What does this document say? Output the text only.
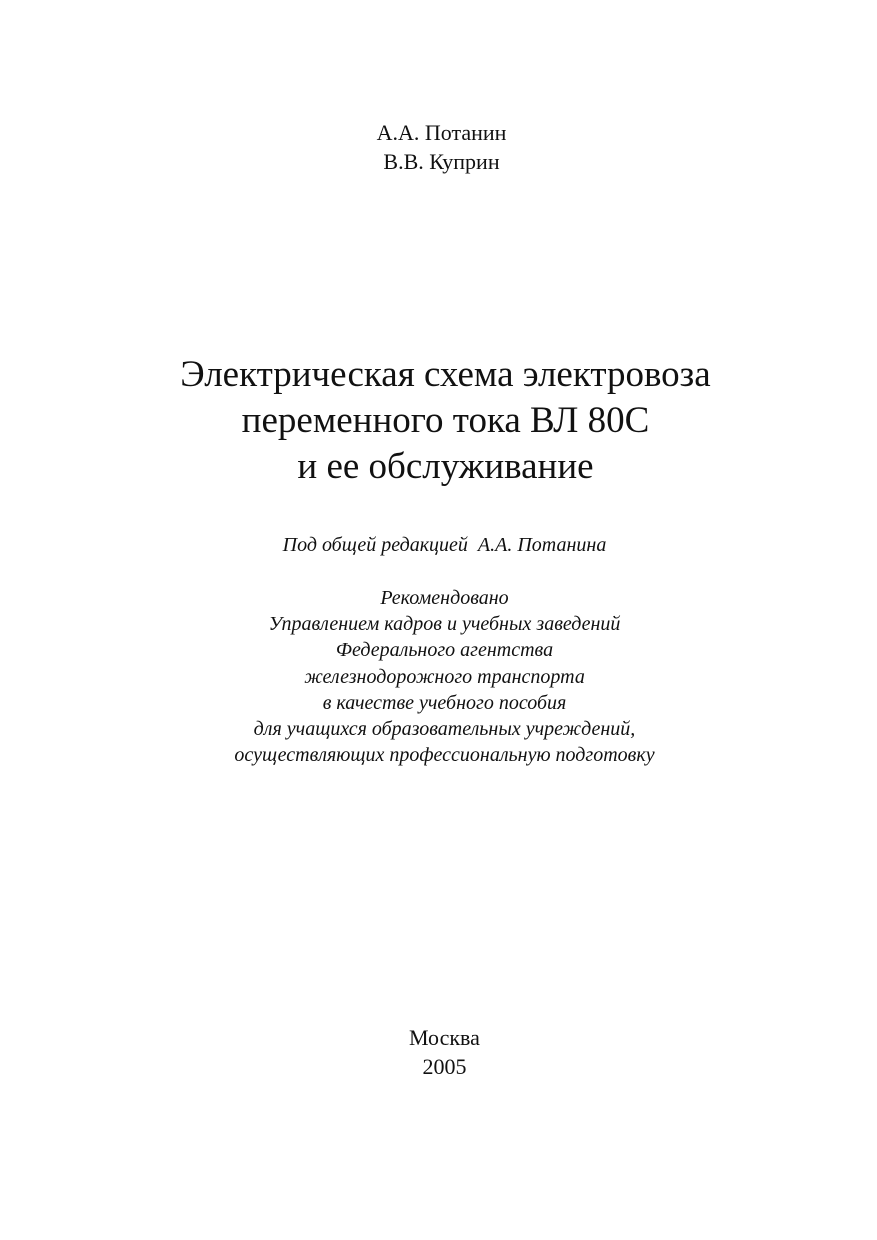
А.А. Потанин
В.В. Куприн
Электрическая схема электровоза
переменного тока ВЛ 80С
и ее обслуживание
Под общей редакцией  А.А. Потанина
Рекомендовано
Управлением кадров и учебных заведений
Федерального агентства
железнодорожного транспорта
в качестве учебного пособия
для учащихся образовательных учреждений,
осуществляющих профессиональную подготовку
Москва
2005
